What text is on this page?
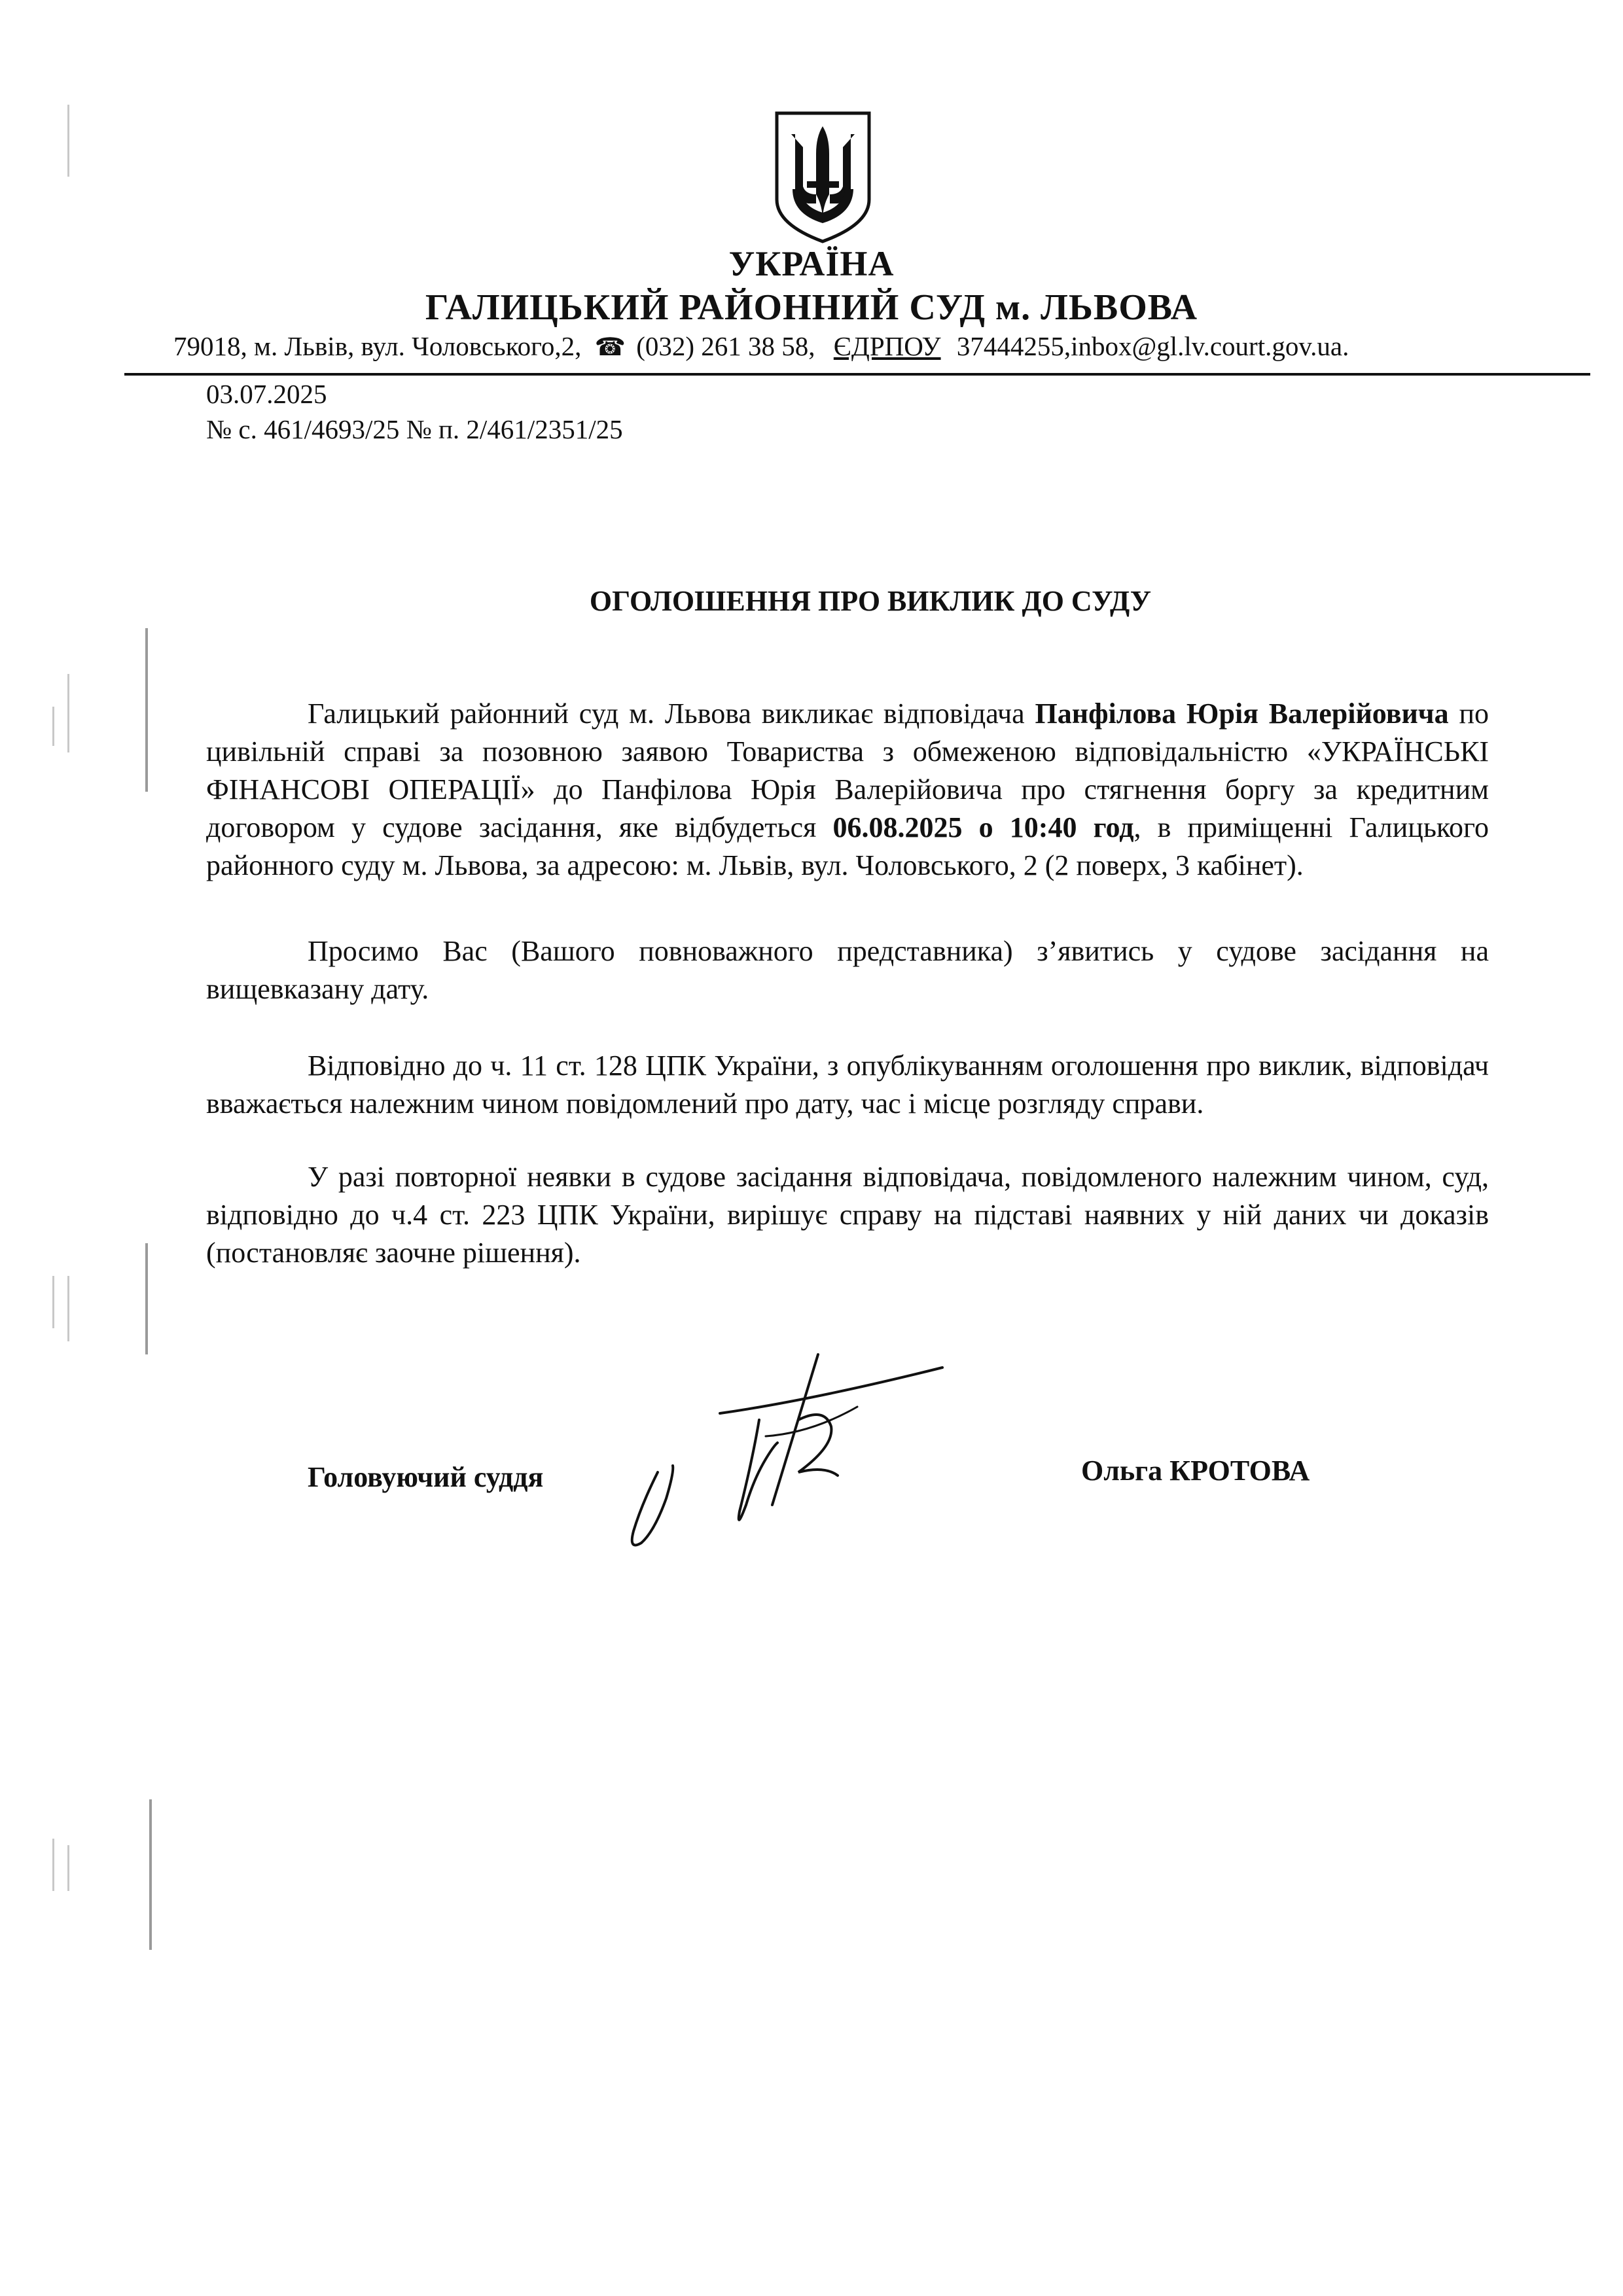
УКРАЇНА
ГАЛИЦЬКИЙ РАЙОННИЙ СУД м. ЛЬВОВА
79018, м. Львів, вул. Чоловського,2, ☎ (032) 261 38 58, ЄДРПОУ 37444255,inbox@gl.lv.court.gov.ua.
03.07.2025
№ с. 461/4693/25 № п. 2/461/2351/25
ОГОЛОШЕННЯ ПРО ВИКЛИК ДО СУДУ

Галицький районний суд м. Львова викликає відповідача Панфілова Юрія Валерійовича по цивільній справі за позовною заявою Товариства з обмеженою відповідальністю «УКРАЇНСЬКІ ФІНАНСОВІ ОПЕРАЦІЇ» до Панфілова Юрія Валерійовича про стягнення боргу за кредитним договором у судове засідання, яке відбудеться 06.08.2025 о 10:40 год, в приміщенні Галицького районного суду м. Львова, за адресою: м. Львів, вул. Чоловського, 2 (2 поверх, 3 кабінет).

Просимо Вас (Вашого повноважного представника) з’явитись у судове засідання на вищевказану дату.

Відповідно до ч. 11 ст. 128 ЦПК України, з опублікуванням оголошення про виклик, відповідач вважається належним чином повідомлений про дату, час і місце розгляду справи.

У разі повторної неявки в судове засідання відповідача, повідомленого належним чином, суд, відповідно до ч.4 ст. 223 ЦПК України, вирішує справу на підставі наявних у ній даних чи доказів (постановляє заочне рішення).

Головуючий суддя	Ольга КРОТОВА
